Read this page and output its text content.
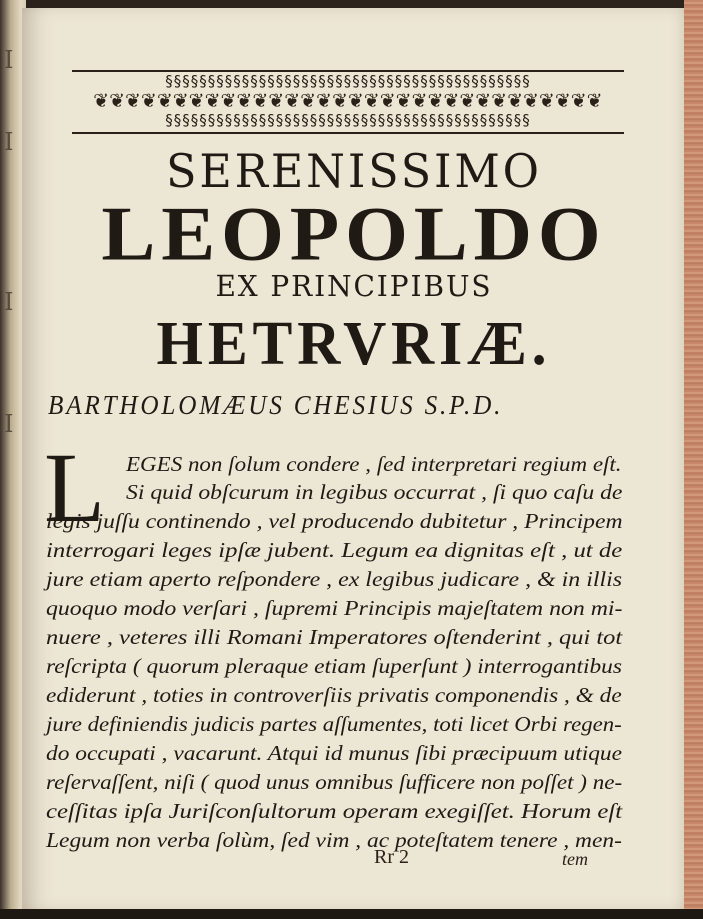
I
I
I
I
§§§§§§§§§§§§§§§§§§§§§§§§§§§§§§§§§§§§§§§§§§§
❦❦❦❦❦❦❦❦❦❦❦❦❦❦❦❦❦❦❦❦❦❦❦❦❦❦❦❦❦❦❦❦
§§§§§§§§§§§§§§§§§§§§§§§§§§§§§§§§§§§§§§§§§§§
SERENISSIMO
LEOPOLDO
EX PRINCIPIBUS
HETRVRIÆ.
BARTHOLOMÆUS CHESIUS S.P.D.
L EGES non ſolum condere , ſed interpretari regium eſt.
Si quid obſcurum in legibus occurrat , ſi quo caſu de
legis juſſu continendo , vel producendo dubitetur , Principem
interrogari leges ipſæ jubent. Legum ea dignitas eſt , ut de
jure etiam aperto reſpondere , ex legibus judicare , & in illis
quoquo modo verſari , ſupremi Principis majeſtatem non mi-
nuere , veteres illi Romani Imperatores oſtenderint , qui tot
reſcripta ( quorum pleraque etiam ſuperſunt ) interrogantibus
ediderunt , toties in controverſiis privatis componendis , & de
jure definiendis judicis partes aſſumentes, toti licet Orbi regen-
do occupati , vacarunt. Atqui id munus ſibi præcipuum utique
reſervaſſent, niſi ( quod unus omnibus ſufficere non poſſet ) ne-
ceſſitas ipſa Juriſconſultorum operam exegiſſet. Horum eſt
Legum non verba ſolùm, ſed vim , ac poteſtatem tenere , men-
Rr 2	tem
